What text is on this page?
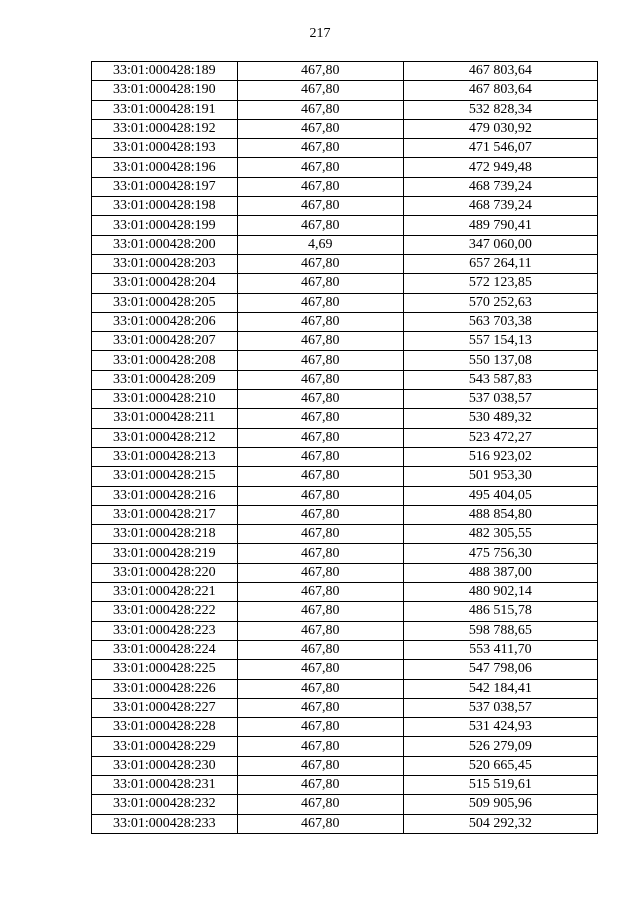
217
33:01:000428:189	467,80	467 803,64
33:01:000428:190	467,80	467 803,64
33:01:000428:191	467,80	532 828,34
33:01:000428:192	467,80	479 030,92
33:01:000428:193	467,80	471 546,07
33:01:000428:196	467,80	472 949,48
33:01:000428:197	467,80	468 739,24
33:01:000428:198	467,80	468 739,24
33:01:000428:199	467,80	489 790,41
33:01:000428:200	4,69	347 060,00
33:01:000428:203	467,80	657 264,11
33:01:000428:204	467,80	572 123,85
33:01:000428:205	467,80	570 252,63
33:01:000428:206	467,80	563 703,38
33:01:000428:207	467,80	557 154,13
33:01:000428:208	467,80	550 137,08
33:01:000428:209	467,80	543 587,83
33:01:000428:210	467,80	537 038,57
33:01:000428:211	467,80	530 489,32
33:01:000428:212	467,80	523 472,27
33:01:000428:213	467,80	516 923,02
33:01:000428:215	467,80	501 953,30
33:01:000428:216	467,80	495 404,05
33:01:000428:217	467,80	488 854,80
33:01:000428:218	467,80	482 305,55
33:01:000428:219	467,80	475 756,30
33:01:000428:220	467,80	488 387,00
33:01:000428:221	467,80	480 902,14
33:01:000428:222	467,80	486 515,78
33:01:000428:223	467,80	598 788,65
33:01:000428:224	467,80	553 411,70
33:01:000428:225	467,80	547 798,06
33:01:000428:226	467,80	542 184,41
33:01:000428:227	467,80	537 038,57
33:01:000428:228	467,80	531 424,93
33:01:000428:229	467,80	526 279,09
33:01:000428:230	467,80	520 665,45
33:01:000428:231	467,80	515 519,61
33:01:000428:232	467,80	509 905,96
33:01:000428:233	467,80	504 292,32
